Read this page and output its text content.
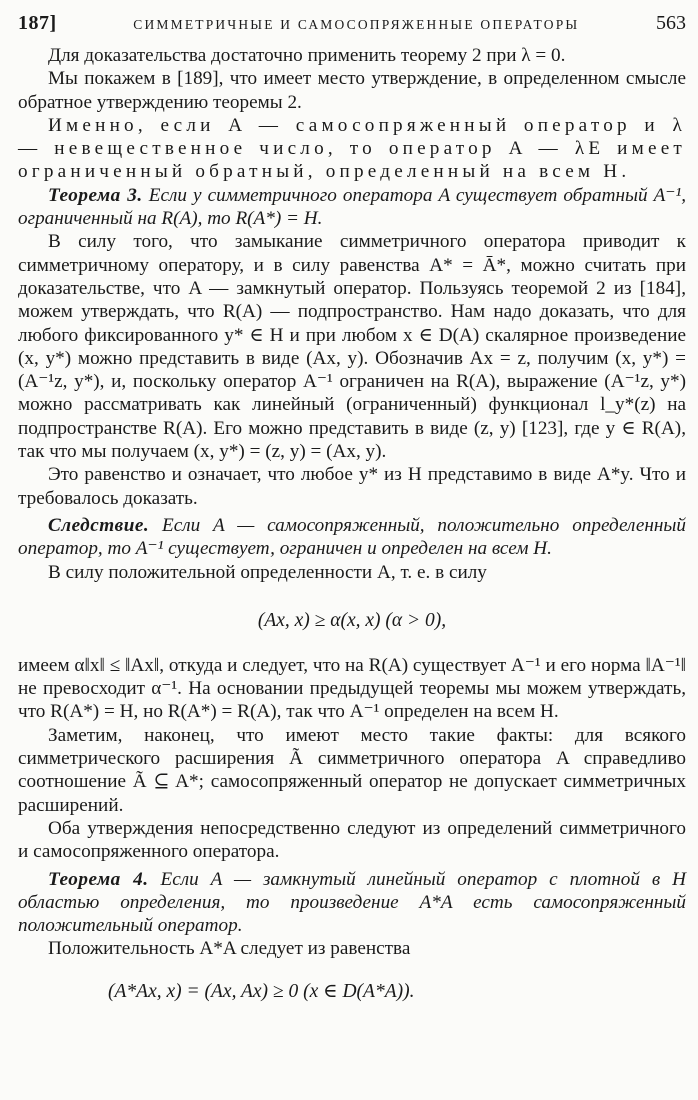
187]	СИММЕТРИЧНЫЕ И САМОСОПРЯЖЕННЫЕ ОПЕРАТОРЫ	563

Для доказательства достаточно применить теорему 2 при λ = 0.

Мы покажем в [189], что имеет место утверждение, в определенном смысле обратное утверждению теоремы 2.

Именно, если A — самосопряженный оператор и λ — невещественное число, то оператор A — λE имеет ограниченный обратный, определенный на всем H.

Теорема 3. Если у симметричного оператора A существует обратный A⁻¹, ограниченный на R(A), то R(A*) = H.

В силу того, что замыкание симметричного оператора приводит к симметричному оператору, и в силу равенства A* = Ā*, можно считать при доказательстве, что A — замкнутый оператор. Пользуясь теоремой 2 из [184], можем утверждать, что R(A) — подпространство. Нам надо доказать, что для любого фиксированного y* ∈ H и при любом x ∈ D(A) скалярное произведение (x, y*) можно представить в виде (Ax, y). Обозначив Ax = z, получим (x, y*) = (A⁻¹z, y*), и, поскольку оператор A⁻¹ ограничен на R(A), выражение (A⁻¹z, y*) можно рассматривать как линейный (ограниченный) функционал l_y*(z) на подпространстве R(A). Его можно представить в виде (z, y) [123], где y ∈ R(A), так что мы получаем (x, y*) = (z, y) = (Ax, y).

Это равенство и означает, что любое y* из H представимо в виде A*y. Что и требовалось доказать.

Следствие. Если A — самосопряженный, положительно определенный оператор, то A⁻¹ существует, ограничен и определен на всем H.

В силу положительной определенности A, т. е. в силу

(Ax, x) ≥ α(x, x) (α > 0),

имеем α‖x‖ ≤ ‖Ax‖, откуда и следует, что на R(A) существует A⁻¹ и его норма ‖A⁻¹‖ не превосходит α⁻¹. На основании предыдущей теоремы мы можем утверждать, что R(A*) = H, но R(A*) = R(A), так что A⁻¹ определен на всем H.

Заметим, наконец, что имеют место такие факты: для всякого симметрического расширения Ã симметричного оператора A справедливо соотношение Ã ⊆ A*; самосопряженный оператор не допускает симметричных расширений.

Оба утверждения непосредственно следуют из определений симметричного и самосопряженного оператора.

Теорема 4. Если A — замкнутый линейный оператор с плотной в H областью определения, то произведение A*A есть самосопряженный положительный оператор.

Положительность A*A следует из равенства

(A*Ax, x) = (Ax, Ax) ≥ 0 (x ∈ D(A*A)).
